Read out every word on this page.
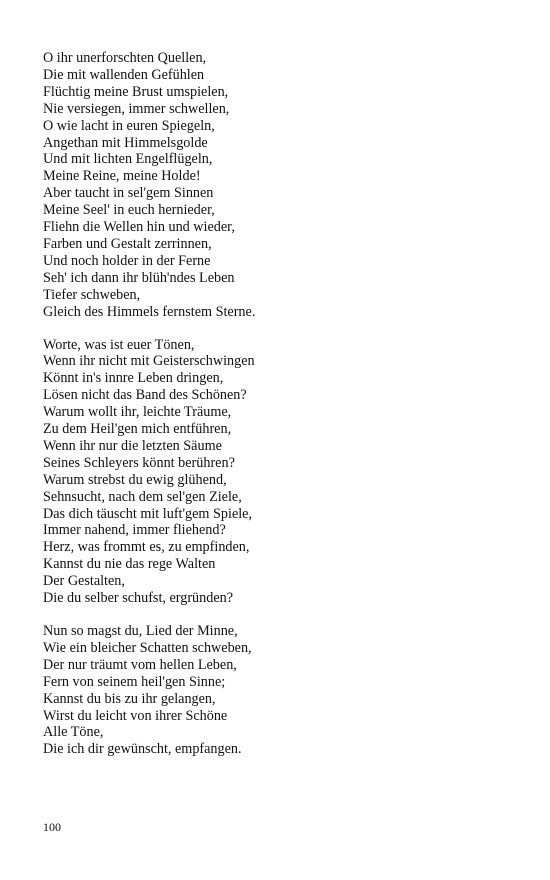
O ihr unerforschten Quellen,
Die mit wallenden Gefühlen
Flüchtig meine Brust umspielen,
Nie versiegen, immer schwellen,
O wie lacht in euren Spiegeln,
Angethan mit Himmelsgolde
Und mit lichten Engelflügeln,
Meine Reine, meine Holde!
Aber taucht in sel'gem Sinnen
Meine Seel' in euch hernieder,
Fliehn die Wellen hin und wieder,
Farben und Gestalt zerrinnen,
Und noch holder in der Ferne
Seh' ich dann ihr blüh'ndes Leben
Tiefer schweben,
Gleich des Himmels fernstem Sterne.
Worte, was ist euer Tönen,
Wenn ihr nicht mit Geisterschwingen
Könnt in's innre Leben dringen,
Lösen nicht das Band des Schönen?
Warum wollt ihr, leichte Träume,
Zu dem Heil'gen mich entführen,
Wenn ihr nur die letzten Säume
Seines Schleyers könnt berühren?
Warum strebst du ewig glühend,
Sehnsucht, nach dem sel'gen Ziele,
Das dich täuscht mit luft'gem Spiele,
Immer nahend, immer fliehend?
Herz, was frommt es, zu empfinden,
Kannst du nie das rege Walten
Der Gestalten,
Die du selber schufst, ergründen?
Nun so magst du, Lied der Minne,
Wie ein bleicher Schatten schweben,
Der nur träumt vom hellen Leben,
Fern von seinem heil'gen Sinne;
Kannst du bis zu ihr gelangen,
Wirst du leicht von ihrer Schöne
Alle Töne,
Die ich dir gewünscht, empfangen.
100
